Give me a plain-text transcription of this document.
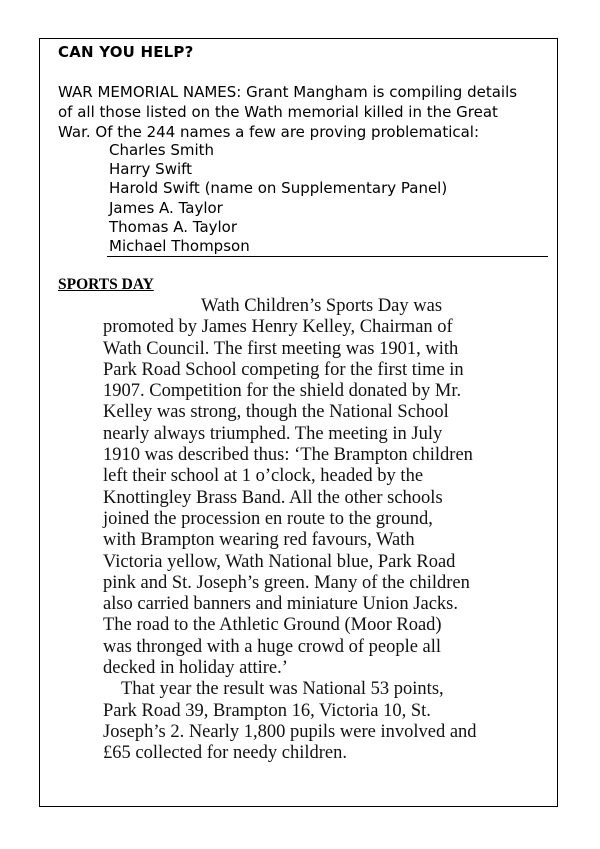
CAN YOU HELP?

WAR MEMORIAL NAMES: Grant Mangham is compiling details
of all those listed on the Wath memorial killed in the Great
War. Of the 244 names a few are proving problematical:

Charles Smith
Harry Swift
Harold Swift (name on Supplementary Panel)
James A. Taylor
Thomas A. Taylor
Michael Thompson
SPORTS DAY

Wath Children’s Sports Day was
promoted by James Henry Kelley, Chairman of
Wath Council. The first meeting was 1901, with
Park Road School competing for the first time in
1907. Competition for the shield donated by Mr.
Kelley was strong, though the National School
nearly always triumphed. The meeting in July
1910 was described thus: ‘The Brampton children
left their school at 1 o’clock, headed by the
Knottingley Brass Band. All the other schools
joined the procession en route to the ground,
with Brampton wearing red favours, Wath
Victoria yellow, Wath National blue, Park Road
pink and St. Joseph’s green. Many of the children
also carried banners and miniature Union Jacks.
The road to the Athletic Ground (Moor Road)
was thronged with a huge crowd of people all
decked in holiday attire.’

That year the result was National 53 points,
Park Road 39, Brampton 16, Victoria 10, St.
Joseph’s 2. Nearly 1,800 pupils were involved and
£65 collected for needy children.
